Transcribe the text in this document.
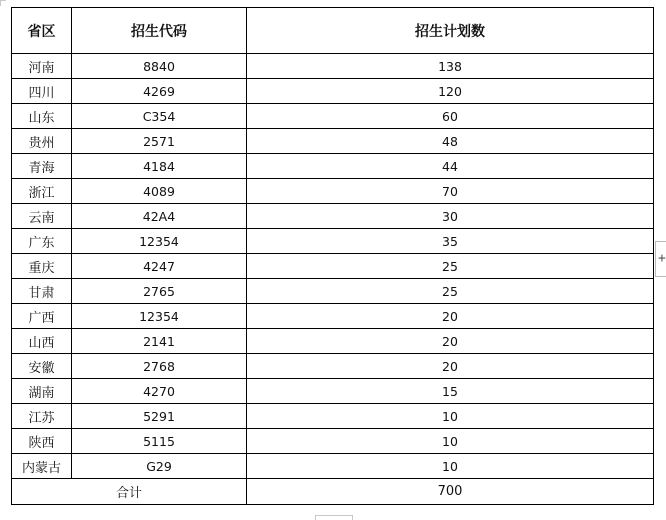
省区	招生代码	招生计划数
河南	8840	138
四川	4269	120
山东	C354	60
贵州	2571	48
青海	4184	44
浙江	4089	70
云南	42A4	30
广东	12354	35
重庆	4247	25
甘肃	2765	25
广西	12354	20
山西	2141	20
安徽	2768	20
湖南	4270	15
江苏	5291	10
陕西	5115	10
内蒙古	G29	10
合计		700
+
